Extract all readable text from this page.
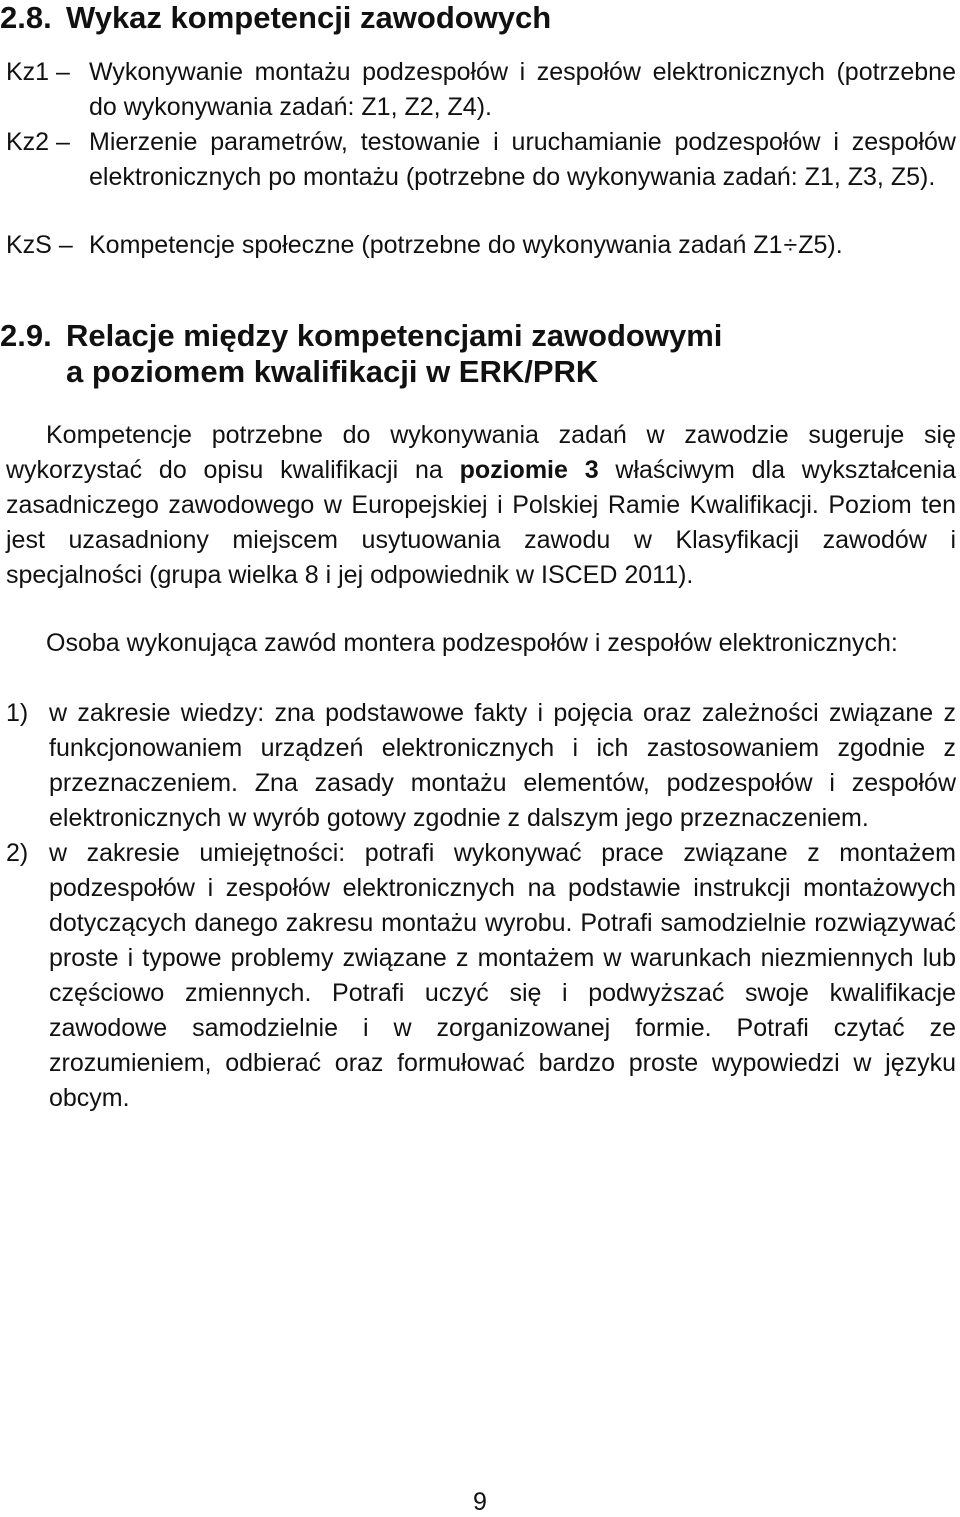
2.8. Wykaz kompetencji zawodowych
Kz1 – Wykonywanie montażu podzespołów i zespołów elektronicznych (potrzebne do wykonywania zadań: Z1, Z2, Z4).
Kz2 – Mierzenie parametrów, testowanie i uruchamianie podzespołów i zespołów elektronicznych po montażu (potrzebne do wykonywania zadań: Z1, Z3, Z5).
KzS – Kompetencje społeczne (potrzebne do wykonywania zadań Z1÷Z5).
2.9. Relacje między kompetencjami zawodowymi
a poziomem kwalifikacji w ERK/PRK

Kompetencje potrzebne do wykonywania zadań w zawodzie sugeruje się wykorzystać do opisu kwalifikacji na poziomie 3 właściwym dla wykształcenia zasadniczego zawodowego w Europejskiej i Polskiej Ramie Kwalifikacji. Poziom ten jest uzasadniony miejscem usytuowania zawodu w Klasyfikacji zawodów i specjalności (grupa wielka 8 i jej odpowiednik w ISCED 2011).

Osoba wykonująca zawód montera podzespołów i zespołów elektronicznych:

1) w zakresie wiedzy: zna podstawowe fakty i pojęcia oraz zależności związane z funkcjonowaniem urządzeń elektronicznych i ich zastosowaniem zgodnie z przeznaczeniem. Zna zasady montażu elementów, podzespołów i zespołów elektronicznych w wyrób gotowy zgodnie z dalszym jego przeznaczeniem.
2) w zakresie umiejętności: potrafi wykonywać prace związane z montażem podzespołów i zespołów elektronicznych na podstawie instrukcji montażowych dotyczących danego zakresu montażu wyrobu. Potrafi samodzielnie rozwiązywać proste i typowe problemy związane z montażem w warunkach niezmiennych lub częściowo zmiennych. Potrafi uczyć się i podwyższać swoje kwalifikacje zawodowe samodzielnie i w zorganizowanej formie. Potrafi czytać ze zrozumieniem, odbierać oraz formułować bardzo proste wypowiedzi w języku obcym.
9
